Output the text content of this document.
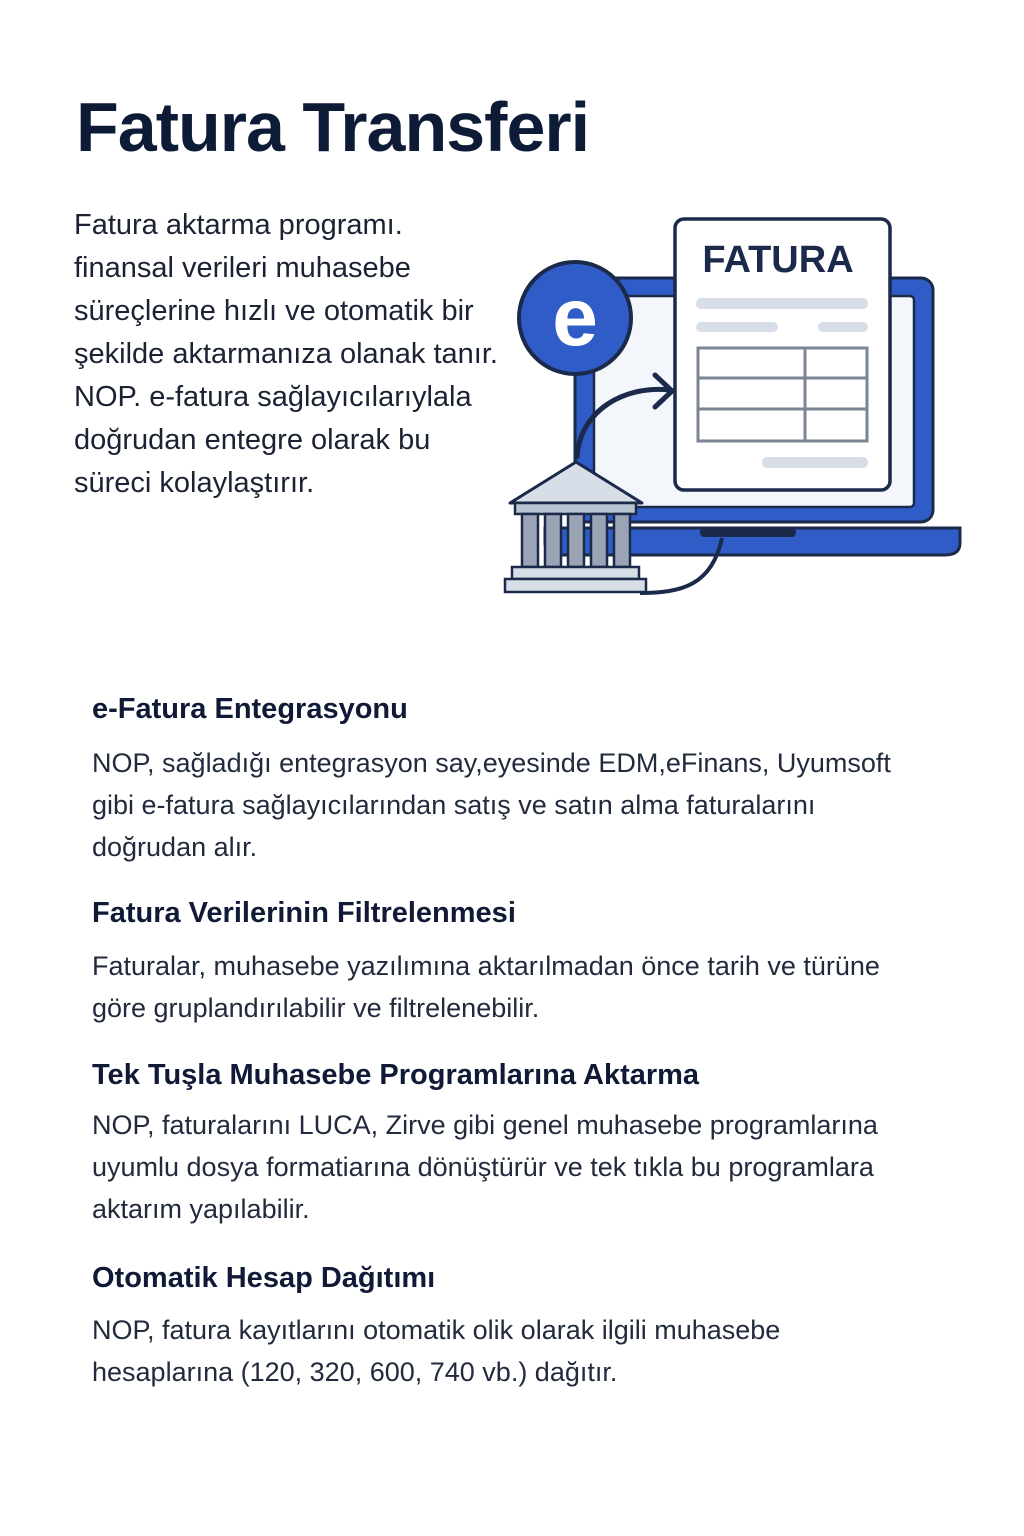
Fatura Transferi

Fatura aktarma programı. finansal verileri muhasebe süreçlerine hızlı ve otomatik bir şekilde aktarmanıza olanak tanır. NOP. e-fatura sağlayıcılarıylala doğrudan entegre olarak bu süreci kolaylaştırır.

FATURA
e
e-Fatura Entegrasyonu

NOP, sağladığı entegrasyon say,eyesinde EDM,eFinans, Uyumsoft gibi e-fatura sağlayıcılarından satış ve satın alma faturalarını doğrudan alır.

Fatura Verilerinin Filtrelenmesi

Faturalar, muhasebe yazılımına aktarılmadan önce tarih ve türüne göre gruplandırılabilir ve filtrelenebilir.

Tek Tuşla Muhasebe Programlarına Aktarma

NOP, faturalarını LUCA, Zirve gibi genel muhasebe programlarına uyumlu dosya formatiarına dönüştürür ve tek tıkla bu programlara aktarım yapılabilir.

Otomatik Hesap Dağıtımı

NOP, fatura kayıtlarını otomatik olik olarak ilgili muhasebe hesaplarına (120, 320, 600, 740 vb.) dağıtır.
